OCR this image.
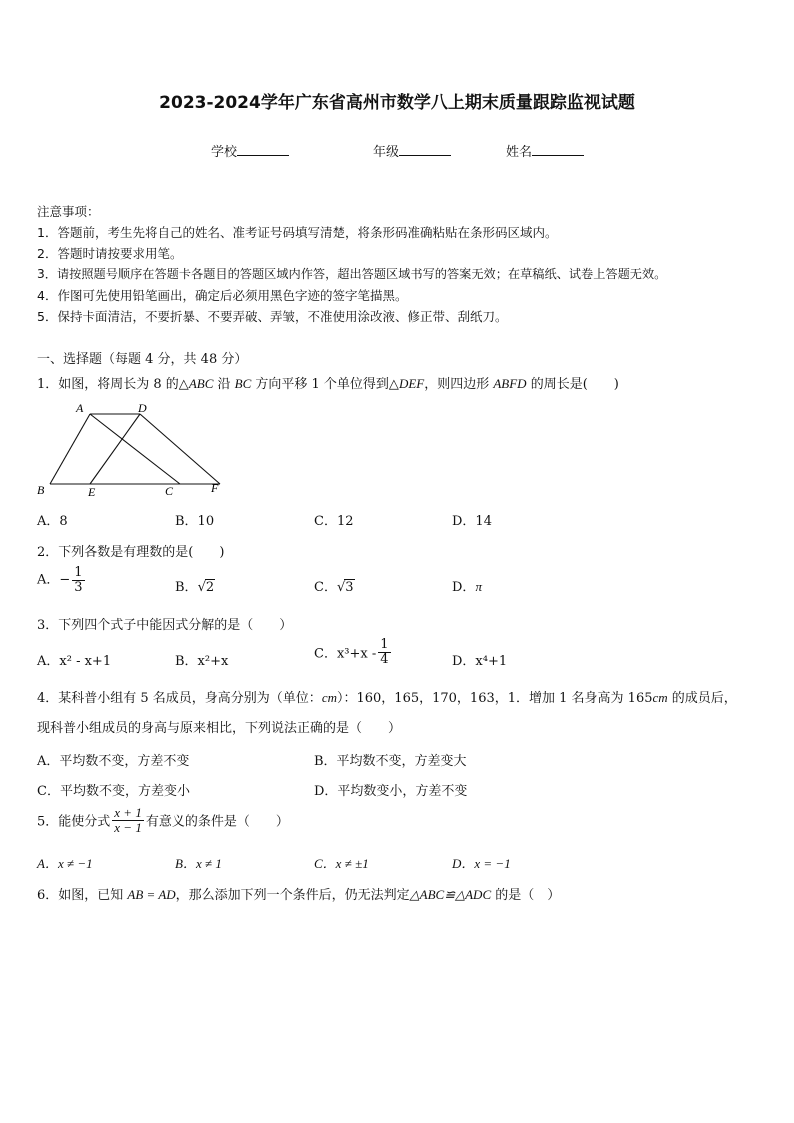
2023-2024学年广东省高州市数学八上期末质量跟踪监视试题
学校	年级	姓名
注意事项：
1．答题前，考生先将自己的姓名、准考证号码填写清楚，将条形码准确粘贴在条形码区域内。
2．答题时请按要求用笔。
3．请按照题号顺序在答题卡各题目的答题区域内作答，超出答题区域书写的答案无效；在草稿纸、试卷上答题无效。
4．作图可先使用铅笔画出，确定后必须用黑色字迹的签字笔描黑。
5．保持卡面清洁，不要折暴、不要弄破、弄皱，不准使用涂改液、修正带、刮纸刀。
一、选择题（每题 4 分，共 48 分）
1．如图，将周长为 8 的△ABC 沿 BC 方向平移 1 个单位得到△DEF，则四边形 ABFD 的周长是(　　)
A	D
B	E	C	F
A．8	B．10	C．12	D．14
2．下列各数是有理数的是(　　)
A．− $\frac{1}{3}$	B．√2	C．√3	D．π
3．下列四个式子中能因式分解的是（　　）
A．x² - x+1	B．x²+x	C．$x^3+x - \frac{1}{4}$	D．x⁴+1
4．某科普小组有 5 名成员，身高分别为（单位：cm）：160，165，170，163，1．增加 1 名身高为 165cm 的成员后，
现科普小组成员的身高与原来相比，下列说法正确的是（　　）
A．平均数不变，方差不变	B．平均数不变，方差变大
C．平均数不变，方差变小	D．平均数变小，方差不变
5．能使分式 $\frac{x + 1}{x - 1}$ 有意义的条件是（　　）
A．x ≠ −1	B．x ≠ 1	C．x ≠ ±1	D．x = −1
6．如图，已知 AB = AD，那么添加下列一个条件后，仍无法判定△ABC≌△ADC 的是（　）
